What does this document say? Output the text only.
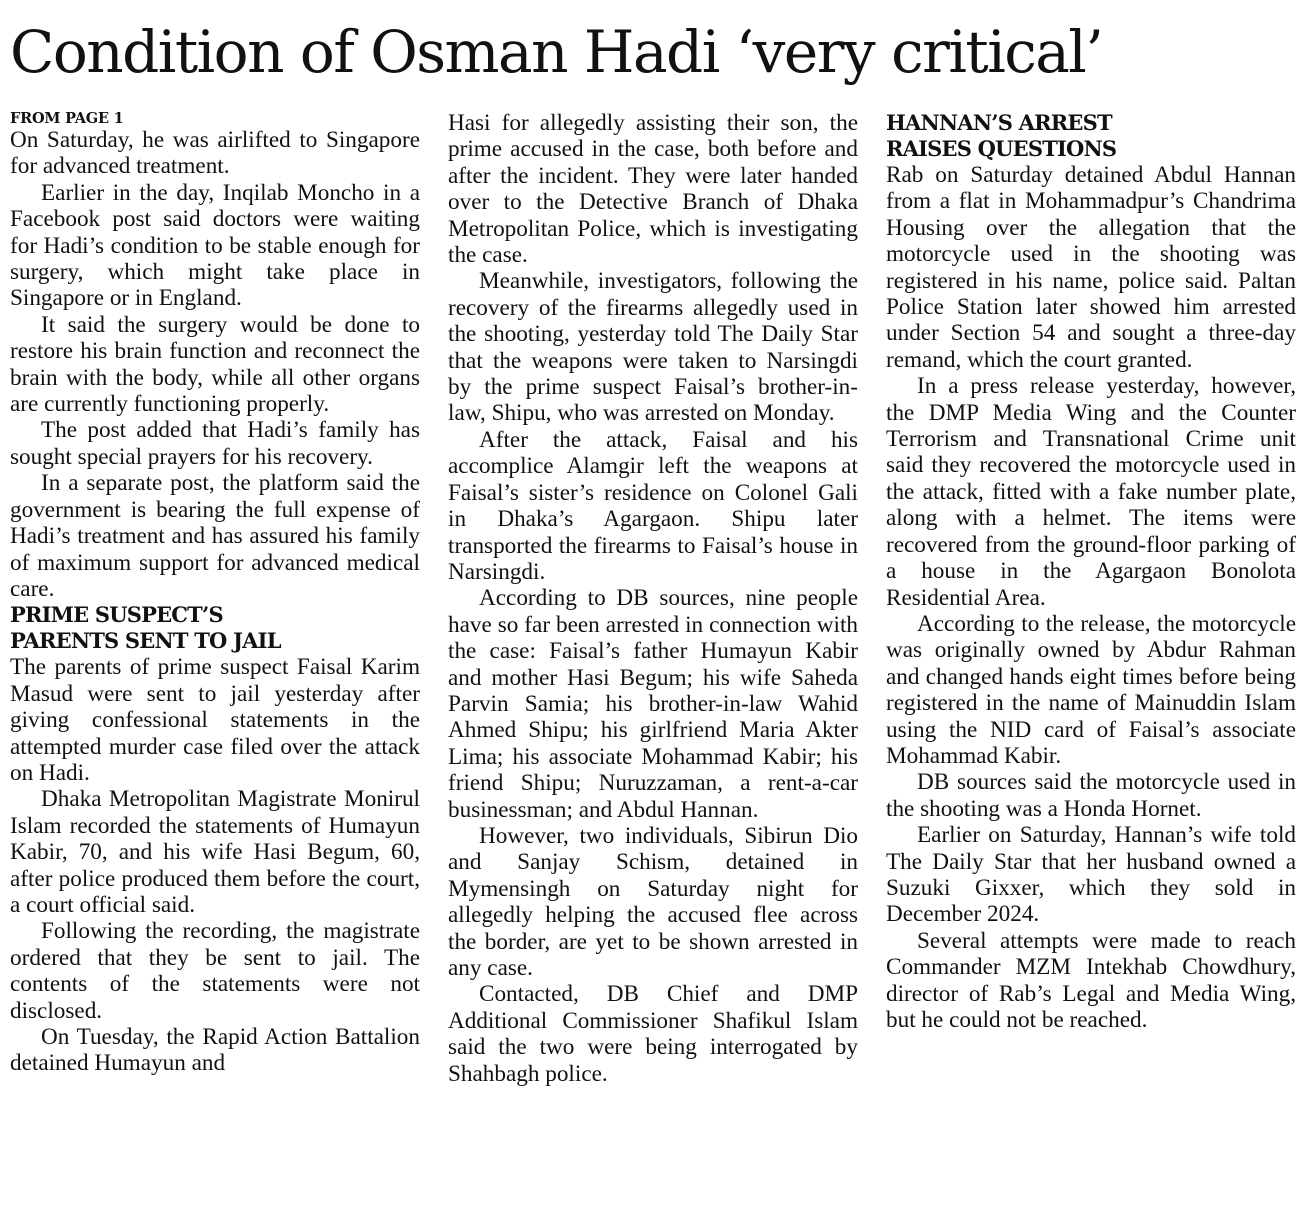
Condition of Osman Hadi ‘very critical’
FROM PAGE 1

On Saturday, he was airlifted to Singapore for advanced treatment.

Earlier in the day, Inqilab Moncho in a Facebook post said doctors were waiting for Hadi’s condition to be stable enough for surgery, which might take place in Singapore or in England.

It said the surgery would be done to restore his brain function and reconnect the brain with the body, while all other organs are currently functioning properly.

The post added that Hadi’s family has sought special prayers for his recovery.

In a separate post, the platform said the government is bearing the full expense of Hadi’s treatment and has assured his family of maximum support for advanced medical care.

PRIME SUSPECT’S
PARENTS SENT TO JAIL

The parents of prime suspect Faisal Karim Masud were sent to jail yesterday after giving confessional statements in the attempted murder case filed over the attack on Hadi.

Dhaka Metropolitan Magistrate Monirul Islam recorded the statements of Humayun Kabir, 70, and his wife Hasi Begum, 60, after police produced them before the court, a court official said.

Following the recording, the magistrate ordered that they be sent to jail. The contents of the statements were not disclosed.

On Tuesday, the Rapid Action Battalion detained Humayun and

Hasi for allegedly assisting their son, the prime accused in the case, both before and after the incident. They were later handed over to the Detective Branch of Dhaka Metropolitan Police, which is investigating the case.

Meanwhile, investigators, following the recovery of the firearms allegedly used in the shooting, yesterday told The Daily Star that the weapons were taken to Narsingdi by the prime suspect Faisal’s brother-in-law, Shipu, who was arrested on Monday.

After the attack, Faisal and his accomplice Alamgir left the weapons at Faisal’s sister’s residence on Colonel Gali in Dhaka’s Agargaon. Shipu later transported the firearms to Faisal’s house in Narsingdi.

According to DB sources, nine people have so far been arrested in connection with the case: Faisal’s father Humayun Kabir and mother Hasi Begum; his wife Saheda Parvin Samia; his brother-in-law Wahid Ahmed Shipu; his girlfriend Maria Akter Lima; his associate Mohammad Kabir; his friend Shipu; Nuruzzaman, a rent-a-car businessman; and Abdul Hannan.

However, two individuals, Sibirun Dio and Sanjay Schism, detained in Mymensingh on Saturday night for allegedly helping the accused flee across the border, are yet to be shown arrested in any case.

Contacted, DB Chief and DMP Additional Commissioner Shafikul Islam said the two were being interrogated by Shahbagh police.

HANNAN’S ARREST
RAISES QUESTIONS

Rab on Saturday detained Abdul Hannan from a flat in Mohammadpur’s Chandrima Housing over the allegation that the motorcycle used in the shooting was registered in his name, police said. Paltan Police Station later showed him arrested under Section 54 and sought a three-day remand, which the court granted.

In a press release yesterday, however, the DMP Media Wing and the Counter Terrorism and Transnational Crime unit said they recovered the motorcycle used in the attack, fitted with a fake number plate, along with a helmet. The items were recovered from the ground-floor parking of a house in the Agargaon Bonolota Residential Area.

According to the release, the motorcycle was originally owned by Abdur Rahman and changed hands eight times before being registered in the name of Mainuddin Islam using the NID card of Faisal’s associate Mohammad Kabir.

DB sources said the motorcycle used in the shooting was a Honda Hornet.

Earlier on Saturday, Hannan’s wife told The Daily Star that her husband owned a Suzuki Gixxer, which they sold in December 2024.

Several attempts were made to reach Commander MZM Intekhab Chowdhury, director of Rab’s Legal and Media Wing, but he could not be reached.
